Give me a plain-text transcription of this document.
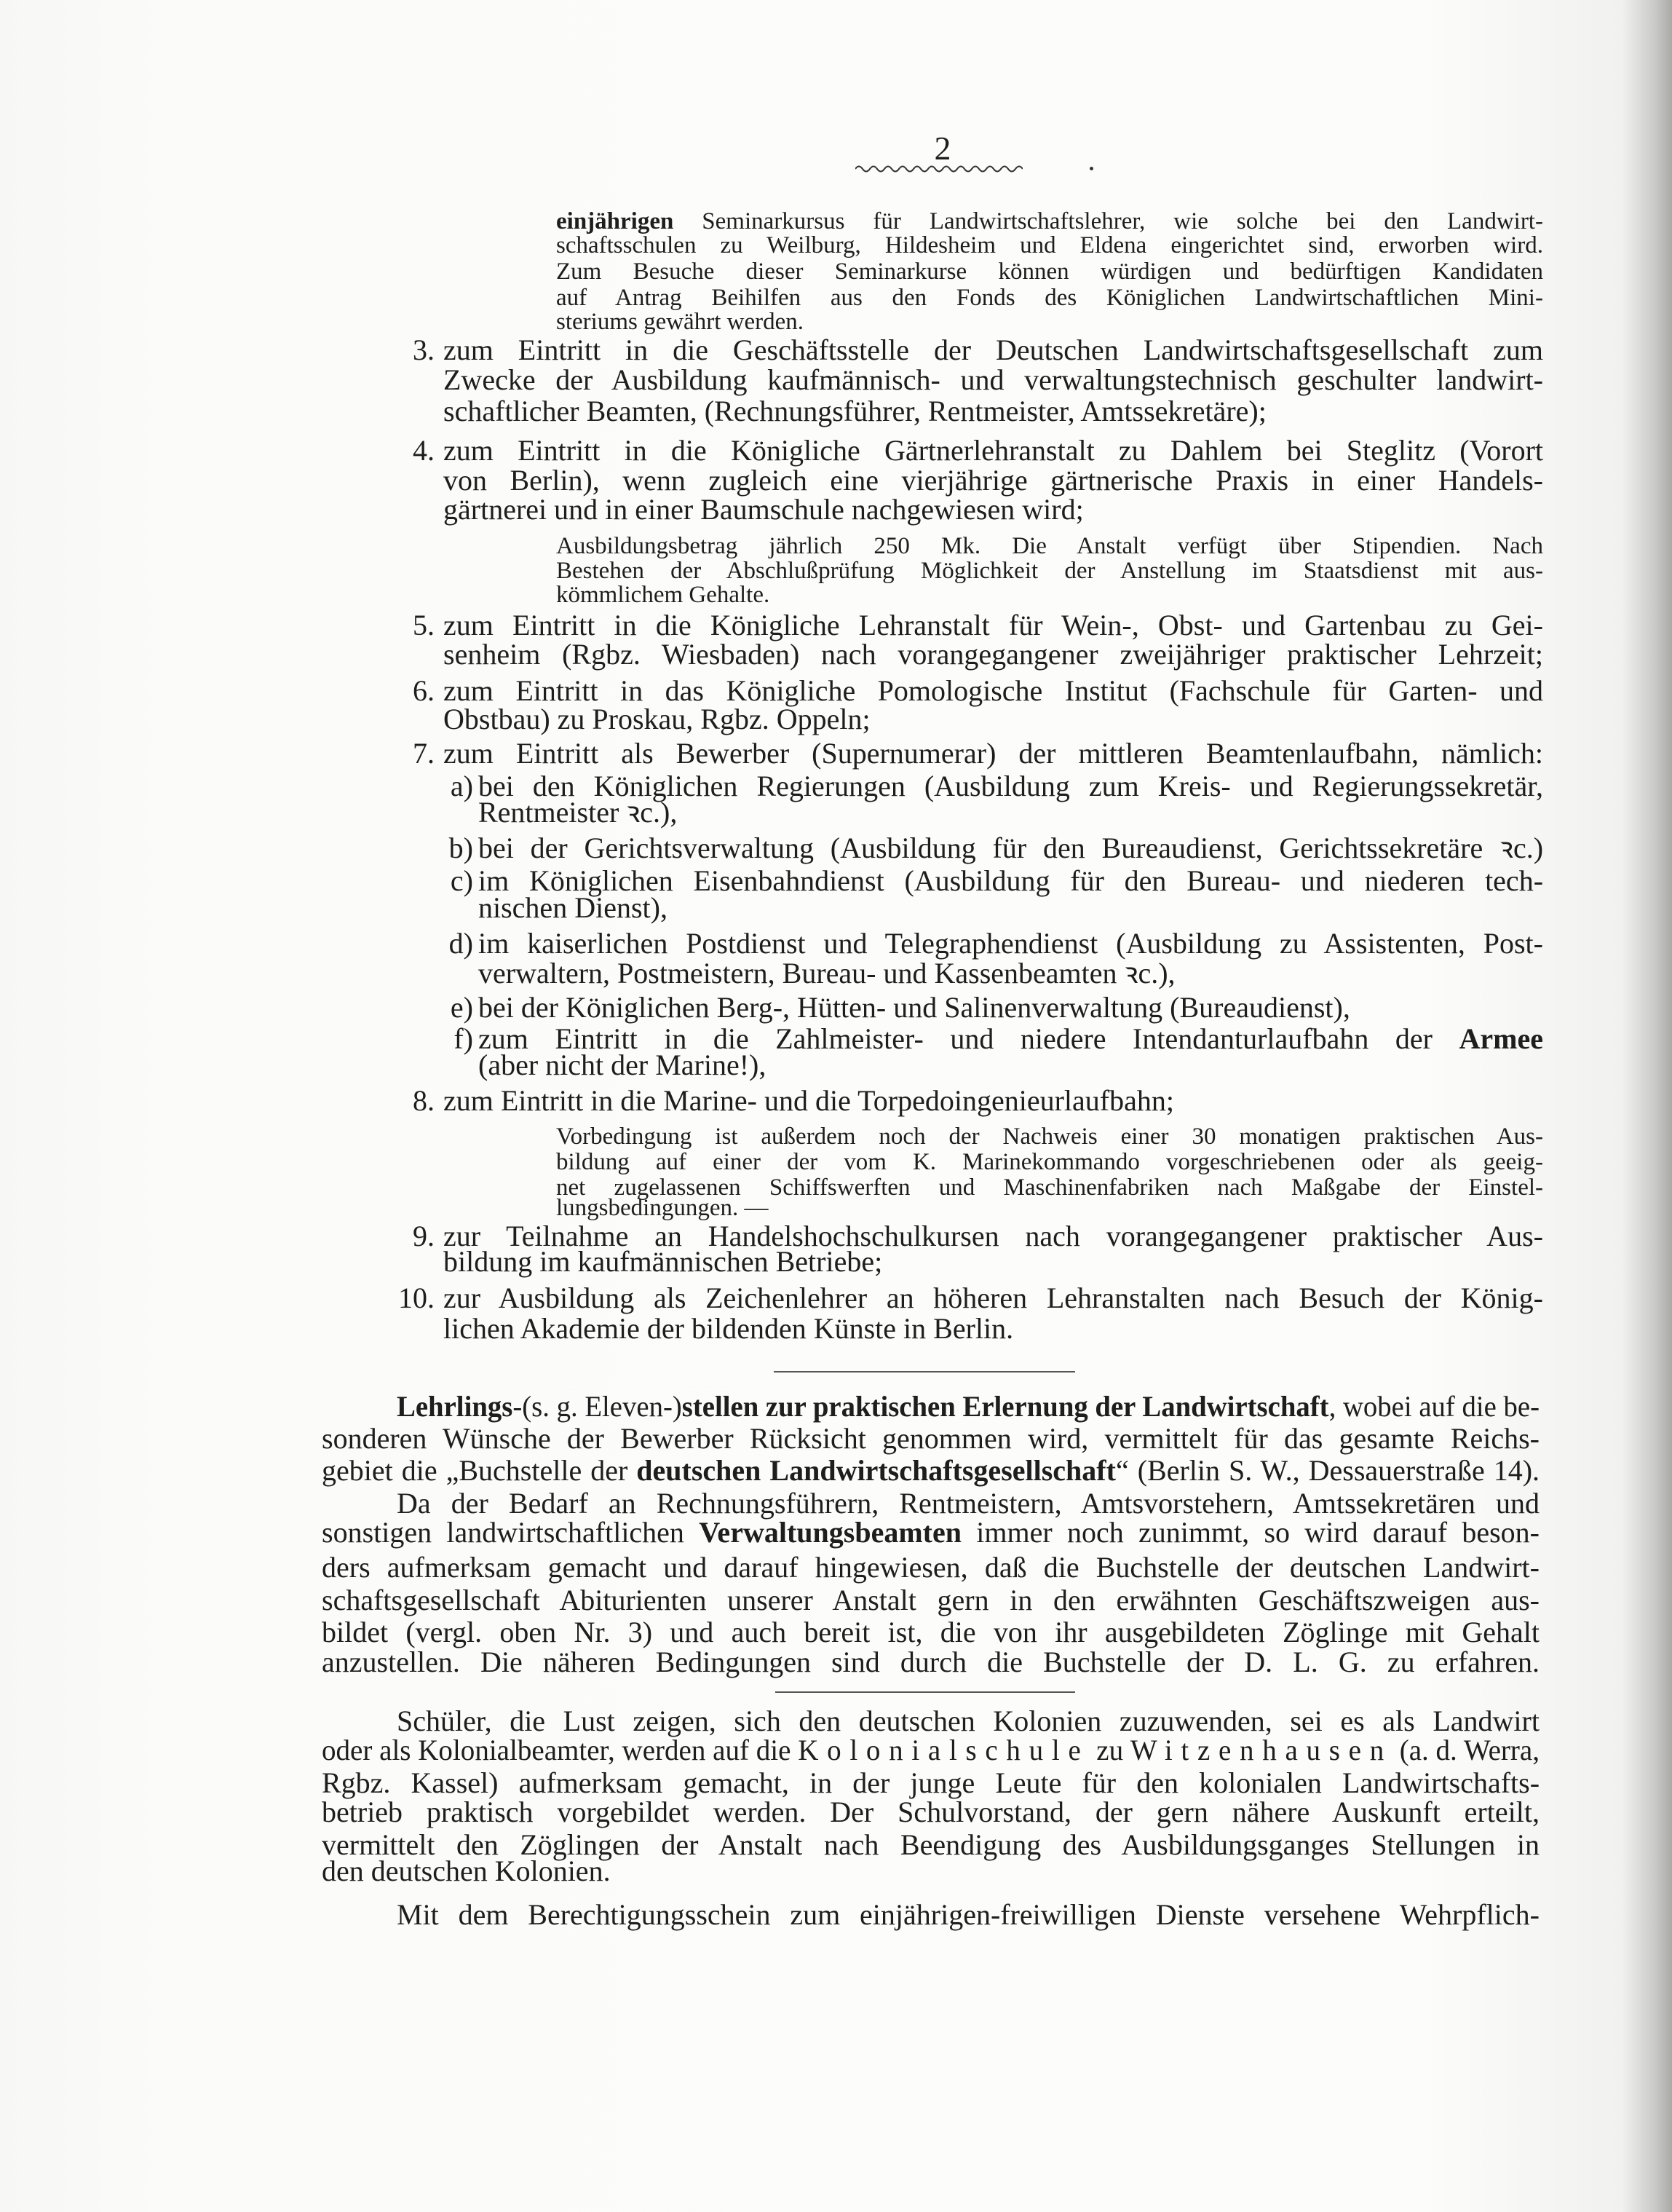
2
einjährigen Seminarkursus für Landwirtschaftslehrer, wie solche bei den Landwirt-
schaftsschulen zu Weilburg, Hildesheim und Eldena eingerichtet sind, erworben wird.
Zum Besuche dieser Seminarkurse können würdigen und bedürftigen Kandidaten
auf Antrag Beihilfen aus den Fonds des Königlichen Landwirtschaftlichen Mini-
steriums gewährt werden.
3. zum Eintritt in die Geschäftsstelle der Deutschen Landwirtschaftsgesellschaft zum
Zwecke der Ausbildung kaufmännisch- und verwaltungstechnisch geschulter landwirt-
schaftlicher Beamten, (Rechnungsführer, Rentmeister, Amtssekretäre);
4. zum Eintritt in die Königliche Gärtnerlehranstalt zu Dahlem bei Steglitz (Vorort
von Berlin), wenn zugleich eine vierjährige gärtnerische Praxis in einer Handels-
gärtnerei und in einer Baumschule nachgewiesen wird;
Ausbildungsbetrag jährlich 250 Mk. Die Anstalt verfügt über Stipendien. Nach
Bestehen der Abschlußprüfung Möglichkeit der Anstellung im Staatsdienst mit aus-
kömmlichem Gehalte.
5. zum Eintritt in die Königliche Lehranstalt für Wein-, Obst- und Gartenbau zu Gei-
senheim (Rgbz. Wiesbaden) nach vorangegangener zweijähriger praktischer Lehrzeit;
6. zum Eintritt in das Königliche Pomologische Institut (Fachschule für Garten- und
Obstbau) zu Proskau, Rgbz. Oppeln;
7. zum Eintritt als Bewerber (Supernumerar) der mittleren Beamtenlaufbahn, nämlich:
a) bei den Königlichen Regierungen (Ausbildung zum Kreis- und Regierungssekretär,
Rentmeister ꝛc.),
b) bei der Gerichtsverwaltung (Ausbildung für den Bureaudienst, Gerichtssekretäre ꝛc.)
c) im Königlichen Eisenbahndienst (Ausbildung für den Bureau- und niederen tech-
nischen Dienst),
d) im kaiserlichen Postdienst und Telegraphendienst (Ausbildung zu Assistenten, Post-
verwaltern, Postmeistern, Bureau- und Kassenbeamten ꝛc.),
e) bei der Königlichen Berg-, Hütten- und Salinenverwaltung (Bureaudienst),
f) zum Eintritt in die Zahlmeister- und niedere Intendanturlaufbahn der Armee
(aber nicht der Marine!),
8. zum Eintritt in die Marine- und die Torpedoingenieurlaufbahn;
Vorbedingung ist außerdem noch der Nachweis einer 30 monatigen praktischen Aus-
bildung auf einer der vom K. Marinekommando vorgeschriebenen oder als geeig-
net zugelassenen Schiffswerften und Maschinenfabriken nach Maßgabe der Einstel-
lungsbedingungen. —
9. zur Teilnahme an Handelshochschulkursen nach vorangegangener praktischer Aus-
bildung im kaufmännischen Betriebe;
10. zur Ausbildung als Zeichenlehrer an höheren Lehranstalten nach Besuch der König-
lichen Akademie der bildenden Künste in Berlin.
Lehrlings-(s. g. Eleven-)stellen zur praktischen Erlernung der Landwirtschaft, wobei auf die be-
sonderen Wünsche der Bewerber Rücksicht genommen wird, vermittelt für das gesamte Reichs-
gebiet die „Buchstelle der deutschen Landwirtschaftsgesellschaft“ (Berlin S. W., Dessauerstraße 14).
Da der Bedarf an Rechnungsführern, Rentmeistern, Amtsvorstehern, Amtssekretären und
sonstigen landwirtschaftlichen Verwaltungsbeamten immer noch zunimmt, so wird darauf beson-
ders aufmerksam gemacht und darauf hingewiesen, daß die Buchstelle der deutschen Landwirt-
schaftsgesellschaft Abiturienten unserer Anstalt gern in den erwähnten Geschäftszweigen aus-
bildet (vergl. oben Nr. 3) und auch bereit ist, die von ihr ausgebildeten Zöglinge mit Gehalt
anzustellen. Die näheren Bedingungen sind durch die Buchstelle der D. L. G. zu erfahren.
Schüler, die Lust zeigen, sich den deutschen Kolonien zuzuwenden, sei es als Landwirt
oder als Kolonialbeamter, werden auf die Kolonialschule zu Witzenhausen (a. d. Werra,
Rgbz. Kassel) aufmerksam gemacht, in der junge Leute für den kolonialen Landwirtschafts-
betrieb praktisch vorgebildet werden. Der Schulvorstand, der gern nähere Auskunft erteilt,
vermittelt den Zöglingen der Anstalt nach Beendigung des Ausbildungsganges Stellungen in
den deutschen Kolonien.
Mit dem Berechtigungsschein zum einjährigen-freiwilligen Dienste versehene Wehrpflich-
